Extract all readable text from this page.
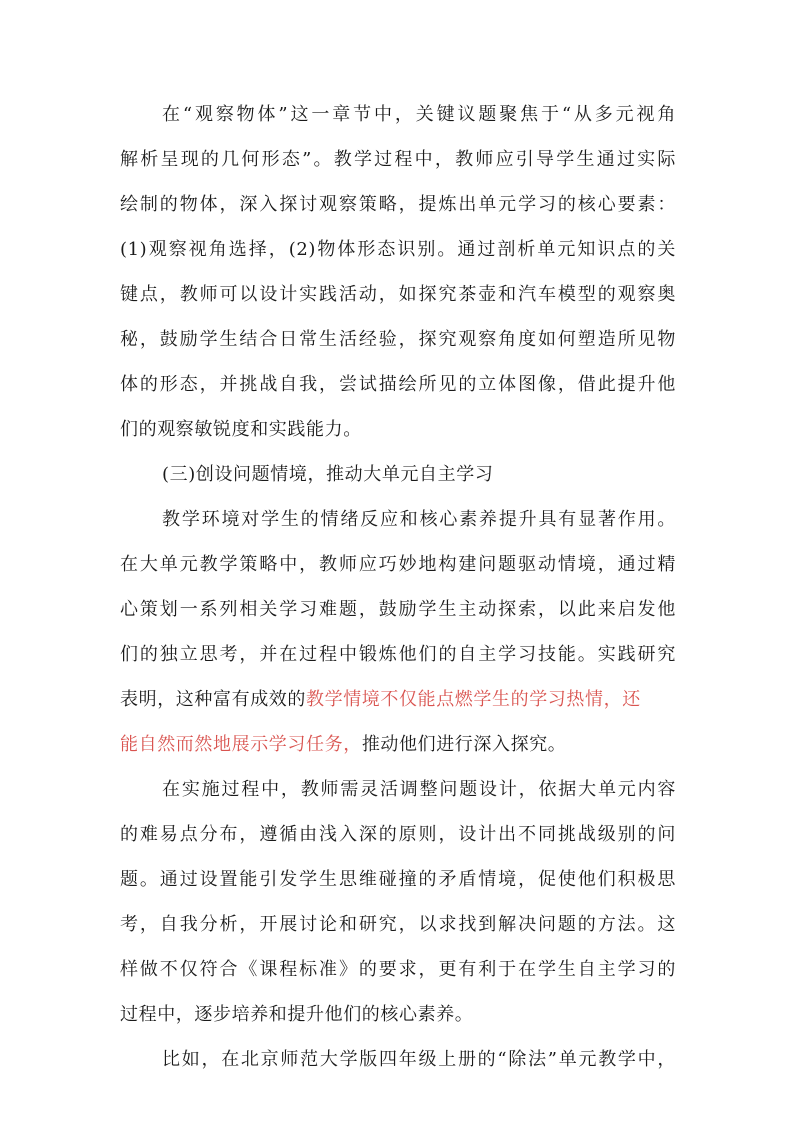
在“观察物体”这一章节中，关键议题聚焦于“从多元视角
解析呈现的几何形态”。教学过程中，教师应引导学生通过实际
绘制的物体，深入探讨观察策略，提炼出单元学习的核心要素：
(1)观察视角选择，(2)物体形态识别。通过剖析单元知识点的关
键点，教师可以设计实践活动，如探究茶壶和汽车模型的观察奥
秘，鼓励学生结合日常生活经验，探究观察角度如何塑造所见物
体的形态，并挑战自我，尝试描绘所见的立体图像，借此提升他
们的观察敏锐度和实践能力。
(三)创设问题情境，推动大单元自主学习
教学环境对学生的情绪反应和核心素养提升具有显著作用。
在大单元教学策略中，教师应巧妙地构建问题驱动情境，通过精
心策划一系列相关学习难题，鼓励学生主动探索，以此来启发他
们的独立思考，并在过程中锻炼他们的自主学习技能。实践研究
表明，这种富有成效的教学情境不仅能点燃学生的学习热情，还
能自然而然地展示学习任务，推动他们进行深入探究。
在实施过程中，教师需灵活调整问题设计，依据大单元内容
的难易点分布，遵循由浅入深的原则，设计出不同挑战级别的问
题。通过设置能引发学生思维碰撞的矛盾情境，促使他们积极思
考，自我分析，开展讨论和研究，以求找到解决问题的方法。这
样做不仅符合《课程标准》的要求，更有利于在学生自主学习的
过程中，逐步培养和提升他们的核心素养。
比如，在北京师范大学版四年级上册的“除法”单元教学中，
